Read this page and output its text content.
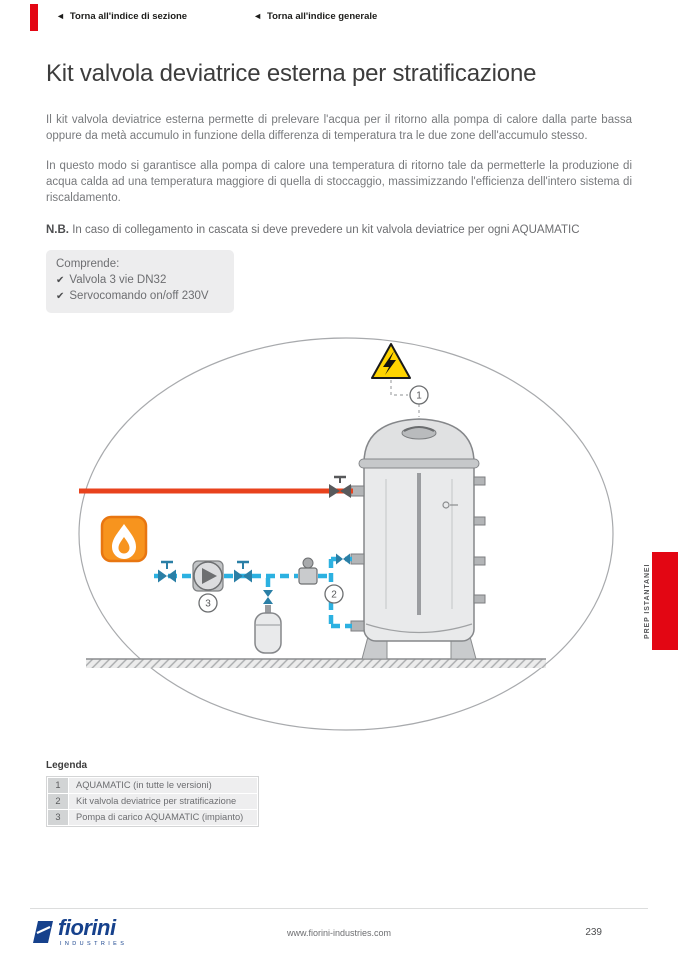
◄ Torna all'indice di sezione	◄ Torna all'indice generale
PREP ISTANTANEI
Kit valvola deviatrice esterna per stratificazione

Il kit valvola deviatrice esterna permette di prelevare l'acqua per il ritorno alla pompa di calore dalla parte bassa oppure da metà accumulo in funzione della differenza di temperatura tra le due zone dell'accumulo stesso.

In questo modo si garantisce alla pompa di calore una temperatura di ritorno tale da permetterle la produzione di acqua calda ad una temperatura maggiore di quella di stoccaggio, massimizzando l'efficienza dell'intero sistema di riscaldamento.

N.B. In caso di collegamento in cascata si deve prevedere un kit valvola deviatrice per ogni AQUAMATIC

Comprende:
✔ Valvola 3 vie DN32
✔ Servocomando on/off 230V
1
2
3
Legenda
1	AQUAMATIC (in tutte le versioni)
2	Kit valvola deviatrice per stratificazione
3	Pompa di carico AQUAMATIC (impianto)
fiorini
INDUSTRIES
www.fiorini-industries.com	239
